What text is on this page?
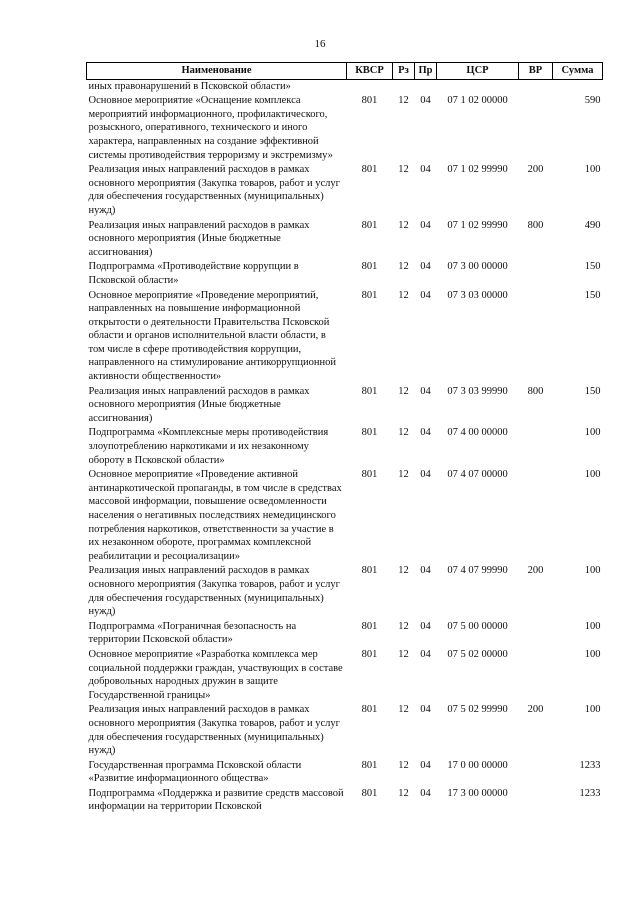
16
Наименование	КВСР	Рз	Пр	ЦСР	ВР	Сумма
иных правонарушений в Псковской области»						
Основное мероприятие «Оснащение комплекса мероприятий информационного, профилактического, розыскного, оперативного, технического и иного характера, направленных на создание эффективной системы противодействия терроризму и экстремизму»	801	12	04	07 1 02 00000		590
Реализация иных направлений расходов в рамках основного мероприятия (Закупка товаров, работ и услуг для обеспечения государственных (муниципальных) нужд)	801	12	04	07 1 02 99990	200	100
Реализация иных направлений расходов в рамках основного мероприятия (Иные бюджетные ассигнования)	801	12	04	07 1 02 99990	800	490
Подпрограмма «Противодействие коррупции в Псковской области»	801	12	04	07 3 00 00000		150
Основное мероприятие «Проведение мероприятий, направленных на повышение информационной открытости о деятельности Правительства Псковской области и органов исполнительной власти области, в том числе в сфере противодействия коррупции, направленного на стимулирование антикоррупционной активности общественности»	801	12	04	07 3 03 00000		150
Реализация иных направлений расходов в рамках основного мероприятия (Иные бюджетные ассигнования)	801	12	04	07 3 03 99990	800	150
Подпрограмма «Комплексные меры противодействия злоупотреблению наркотиками и их незаконному обороту в Псковской области»	801	12	04	07 4 00 00000		100
Основное мероприятие «Проведение активной антинаркотической пропаганды, в том числе в средствах массовой информации, повышение осведомленности населения о негативных последствиях немедицинского потребления наркотиков, ответственности за участие в их незаконном обороте, программах комплексной реабилитации и ресоциализации»	801	12	04	07 4 07 00000		100
Реализация иных направлений расходов в рамках основного мероприятия (Закупка товаров, работ и услуг для обеспечения государственных (муниципальных) нужд)	801	12	04	07 4 07 99990	200	100
Подпрограмма «Пограничная безопасность на территории Псковской области»	801	12	04	07 5 00 00000		100
Основное мероприятие «Разработка комплекса мер социальной поддержки граждан, участвующих в составе добровольных народных дружин в защите Государственной границы»	801	12	04	07 5 02 00000		100
Реализация иных направлений расходов в рамках основного мероприятия (Закупка товаров, работ и услуг для обеспечения государственных (муниципальных) нужд)	801	12	04	07 5 02 99990	200	100
Государственная программа Псковской области «Развитие информационного общества»	801	12	04	17 0 00 00000		1233
Подпрограмма «Поддержка и развитие средств массовой информации на территории Псковской	801	12	04	17 3 00 00000		1233
